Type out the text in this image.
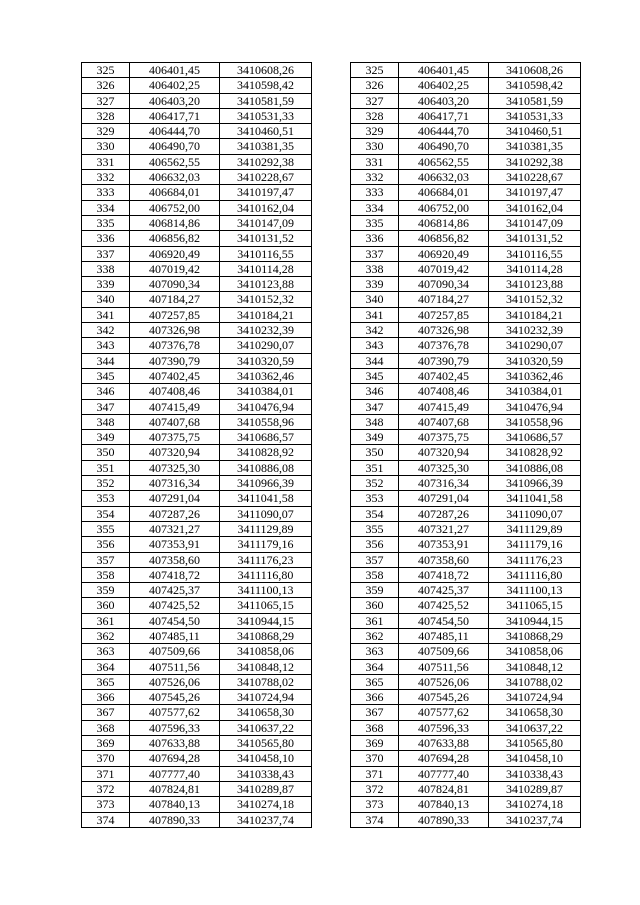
325	406401,45	3410608,26		325	406401,45	3410608,26
326	406402,25	3410598,42		326	406402,25	3410598,42
327	406403,20	3410581,59		327	406403,20	3410581,59
328	406417,71	3410531,33		328	406417,71	3410531,33
329	406444,70	3410460,51		329	406444,70	3410460,51
330	406490,70	3410381,35		330	406490,70	3410381,35
331	406562,55	3410292,38		331	406562,55	3410292,38
332	406632,03	3410228,67		332	406632,03	3410228,67
333	406684,01	3410197,47		333	406684,01	3410197,47
334	406752,00	3410162,04		334	406752,00	3410162,04
335	406814,86	3410147,09		335	406814,86	3410147,09
336	406856,82	3410131,52		336	406856,82	3410131,52
337	406920,49	3410116,55		337	406920,49	3410116,55
338	407019,42	3410114,28		338	407019,42	3410114,28
339	407090,34	3410123,88		339	407090,34	3410123,88
340	407184,27	3410152,32		340	407184,27	3410152,32
341	407257,85	3410184,21		341	407257,85	3410184,21
342	407326,98	3410232,39		342	407326,98	3410232,39
343	407376,78	3410290,07		343	407376,78	3410290,07
344	407390,79	3410320,59		344	407390,79	3410320,59
345	407402,45	3410362,46		345	407402,45	3410362,46
346	407408,46	3410384,01		346	407408,46	3410384,01
347	407415,49	3410476,94		347	407415,49	3410476,94
348	407407,68	3410558,96		348	407407,68	3410558,96
349	407375,75	3410686,57		349	407375,75	3410686,57
350	407320,94	3410828,92		350	407320,94	3410828,92
351	407325,30	3410886,08		351	407325,30	3410886,08
352	407316,34	3410966,39		352	407316,34	3410966,39
353	407291,04	3411041,58		353	407291,04	3411041,58
354	407287,26	3411090,07		354	407287,26	3411090,07
355	407321,27	3411129,89		355	407321,27	3411129,89
356	407353,91	3411179,16		356	407353,91	3411179,16
357	407358,60	3411176,23		357	407358,60	3411176,23
358	407418,72	3411116,80		358	407418,72	3411116,80
359	407425,37	3411100,13		359	407425,37	3411100,13
360	407425,52	3411065,15		360	407425,52	3411065,15
361	407454,50	3410944,15		361	407454,50	3410944,15
362	407485,11	3410868,29		362	407485,11	3410868,29
363	407509,66	3410858,06		363	407509,66	3410858,06
364	407511,56	3410848,12		364	407511,56	3410848,12
365	407526,06	3410788,02		365	407526,06	3410788,02
366	407545,26	3410724,94		366	407545,26	3410724,94
367	407577,62	3410658,30		367	407577,62	3410658,30
368	407596,33	3410637,22		368	407596,33	3410637,22
369	407633,88	3410565,80		369	407633,88	3410565,80
370	407694,28	3410458,10		370	407694,28	3410458,10
371	407777,40	3410338,43		371	407777,40	3410338,43
372	407824,81	3410289,87		372	407824,81	3410289,87
373	407840,13	3410274,18		373	407840,13	3410274,18
374	407890,33	3410237,74		374	407890,33	3410237,74
